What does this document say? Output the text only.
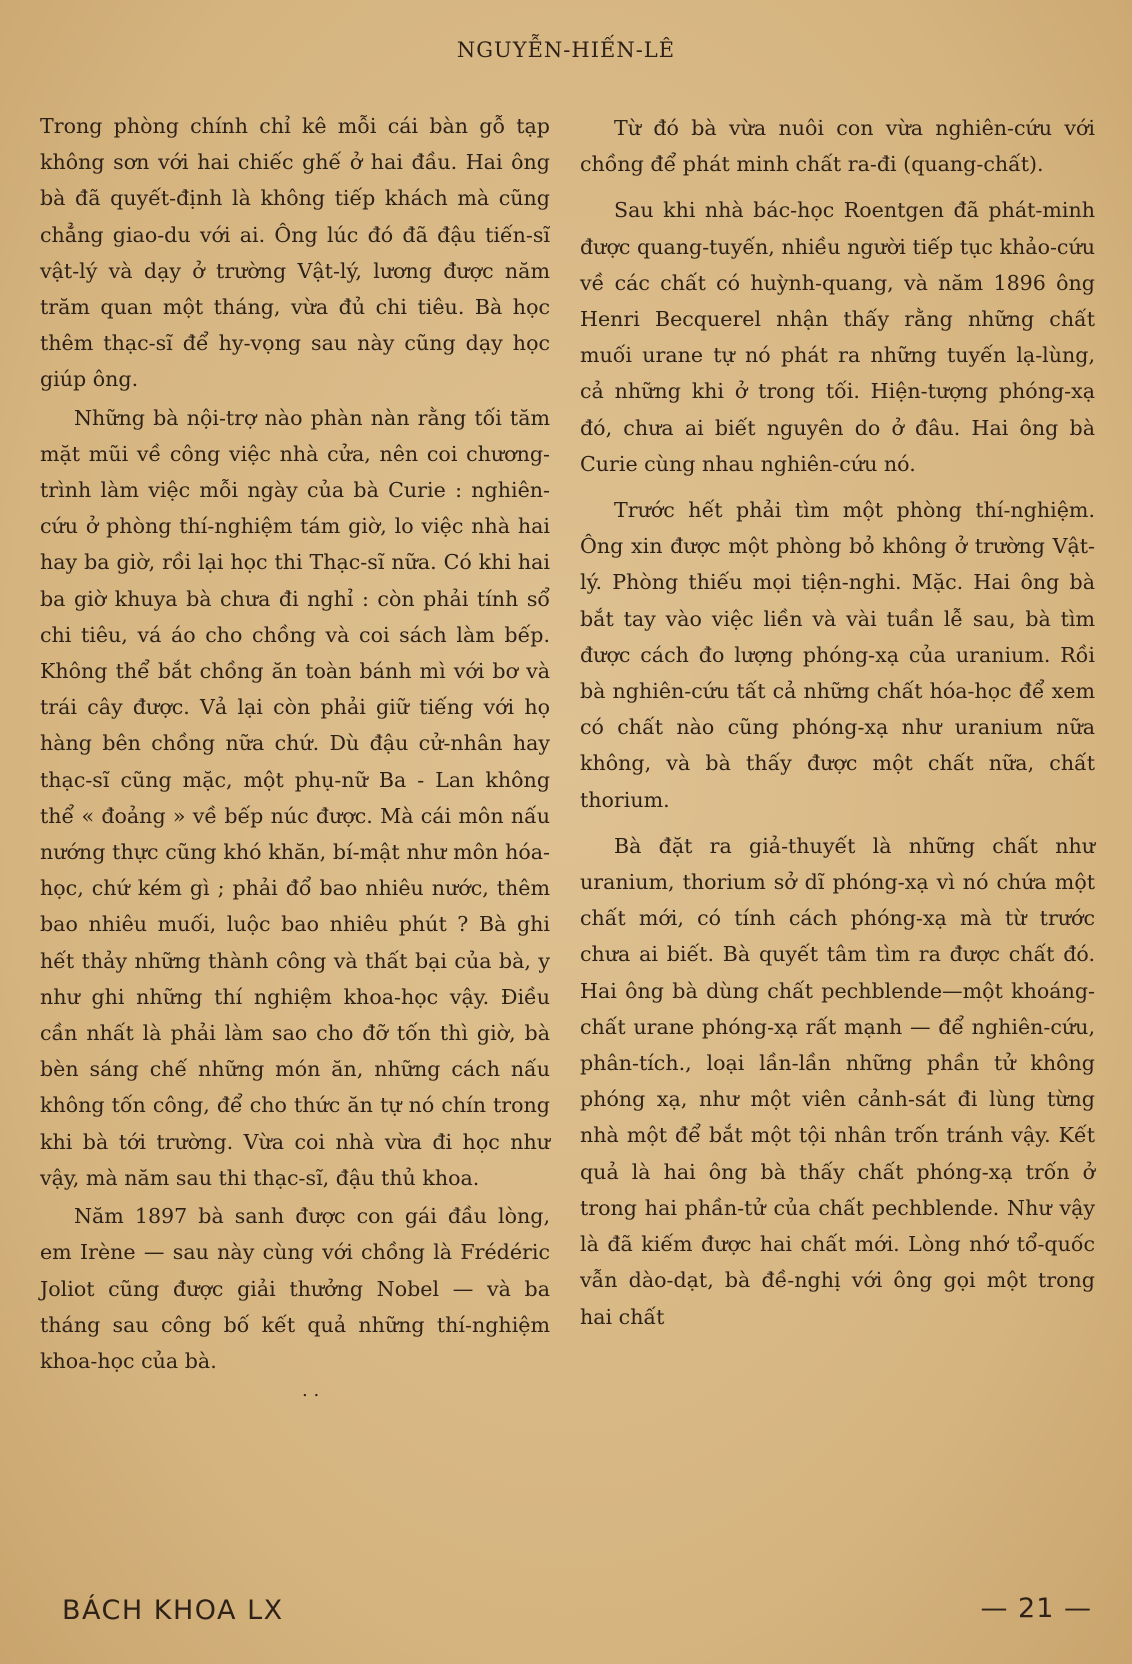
NGUYỄN-HIẾN-LÊ

Trong phòng chính chỉ kê mỗi cái bàn gỗ tạp không sơn với hai chiếc ghế ở hai đầu. Hai ông bà đã quyết-định là không tiếp khách mà cũng chẳng giao-du với ai. Ông lúc đó đã đậu tiến-sĩ vật-lý và dạy ở trường Vật-lý, lương được năm trăm quan một tháng, vừa đủ chi tiêu. Bà học thêm thạc-sĩ để hy-vọng sau này cũng dạy học giúp ông.

Những bà nội-trợ nào phàn nàn rằng tối tăm mặt mũi về công việc nhà cửa, nên coi chương-trình làm việc mỗi ngày của bà Curie : nghiên-cứu ở phòng thí-nghiệm tám giờ, lo việc nhà hai hay ba giờ, rồi lại học thi Thạc-sĩ nữa. Có khi hai ba giờ khuya bà chưa đi nghỉ : còn phải tính sổ chi tiêu, vá áo cho chồng và coi sách làm bếp. Không thể bắt chồng ăn toàn bánh mì với bơ và trái cây được. Vả lại còn phải giữ tiếng với họ hàng bên chồng nữa chứ. Dù đậu cử-nhân hay thạc-sĩ cũng mặc, một phụ-nữ Ba - Lan không thể « đoảng » về bếp núc được. Mà cái môn nấu nướng thực cũng khó khăn, bí-mật như môn hóa-học, chứ kém gì ; phải đổ bao nhiêu nước, thêm bao nhiêu muối, luộc bao nhiêu phút ? Bà ghi hết thảy những thành công và thất bại của bà, y như ghi những thí nghiệm khoa-học vậy. Điều cần nhất là phải làm sao cho đỡ tốn thì giờ, bà bèn sáng chế những món ăn, những cách nấu không tốn công, để cho thức ăn tự nó chín trong khi bà tới trường. Vừa coi nhà vừa đi học như vậy, mà năm sau thi thạc-sĩ, đậu thủ khoa.

Năm 1897 bà sanh được con gái đầu lòng, em Irène — sau này cùng với chồng là Frédéric Joliot cũng được giải thưởng Nobel — và ba tháng sau công bố kết quả những thí-nghiệm khoa-học của bà.

. .

Từ đó bà vừa nuôi con vừa nghiên-cứu với chồng để phát minh chất ra-đi (quang-chất).

Sau khi nhà bác-học Roentgen đã phát-minh được quang-tuyến, nhiều người tiếp tục khảo-cứu về các chất có huỳnh-quang, và năm 1896 ông Henri Becquerel nhận thấy rằng những chất muối urane tự nó phát ra những tuyến lạ-lùng, cả những khi ở trong tối. Hiện-tượng phóng-xạ đó, chưa ai biết nguyên do ở đâu. Hai ông bà Curie cùng nhau nghiên-cứu nó.

Trước hết phải tìm một phòng thí-nghiệm. Ông xin được một phòng bỏ không ở trường Vật-lý. Phòng thiếu mọi tiện-nghi. Mặc. Hai ông bà bắt tay vào việc liền và vài tuần lễ sau, bà tìm được cách đo lượng phóng-xạ của uranium. Rồi bà nghiên-cứu tất cả những chất hóa-học để xem có chất nào cũng phóng-xạ như uranium nữa không, và bà thấy được một chất nữa, chất thorium.

Bà đặt ra giả-thuyết là những chất như uranium, thorium sở dĩ phóng-xạ vì nó chứa một chất mới, có tính cách phóng-xạ mà từ trước chưa ai biết. Bà quyết tâm tìm ra được chất đó. Hai ông bà dùng chất pechblende—một khoáng-chất urane phóng-xạ rất mạnh — để nghiên-cứu, phân-tích., loại lần-lần những phần tử không phóng xạ, như một viên cảnh-sát đi lùng từng nhà một để bắt một tội nhân trốn tránh vậy. Kết quả là hai ông bà thấy chất phóng-xạ trốn ở trong hai phần-tử của chất pechblende. Như vậy là đã kiếm được hai chất mới. Lòng nhớ tổ-quốc vẫn dào-dạt, bà đề-nghị với ông gọi một trong hai chất

BÁCH KHOA LX	— 21 —
